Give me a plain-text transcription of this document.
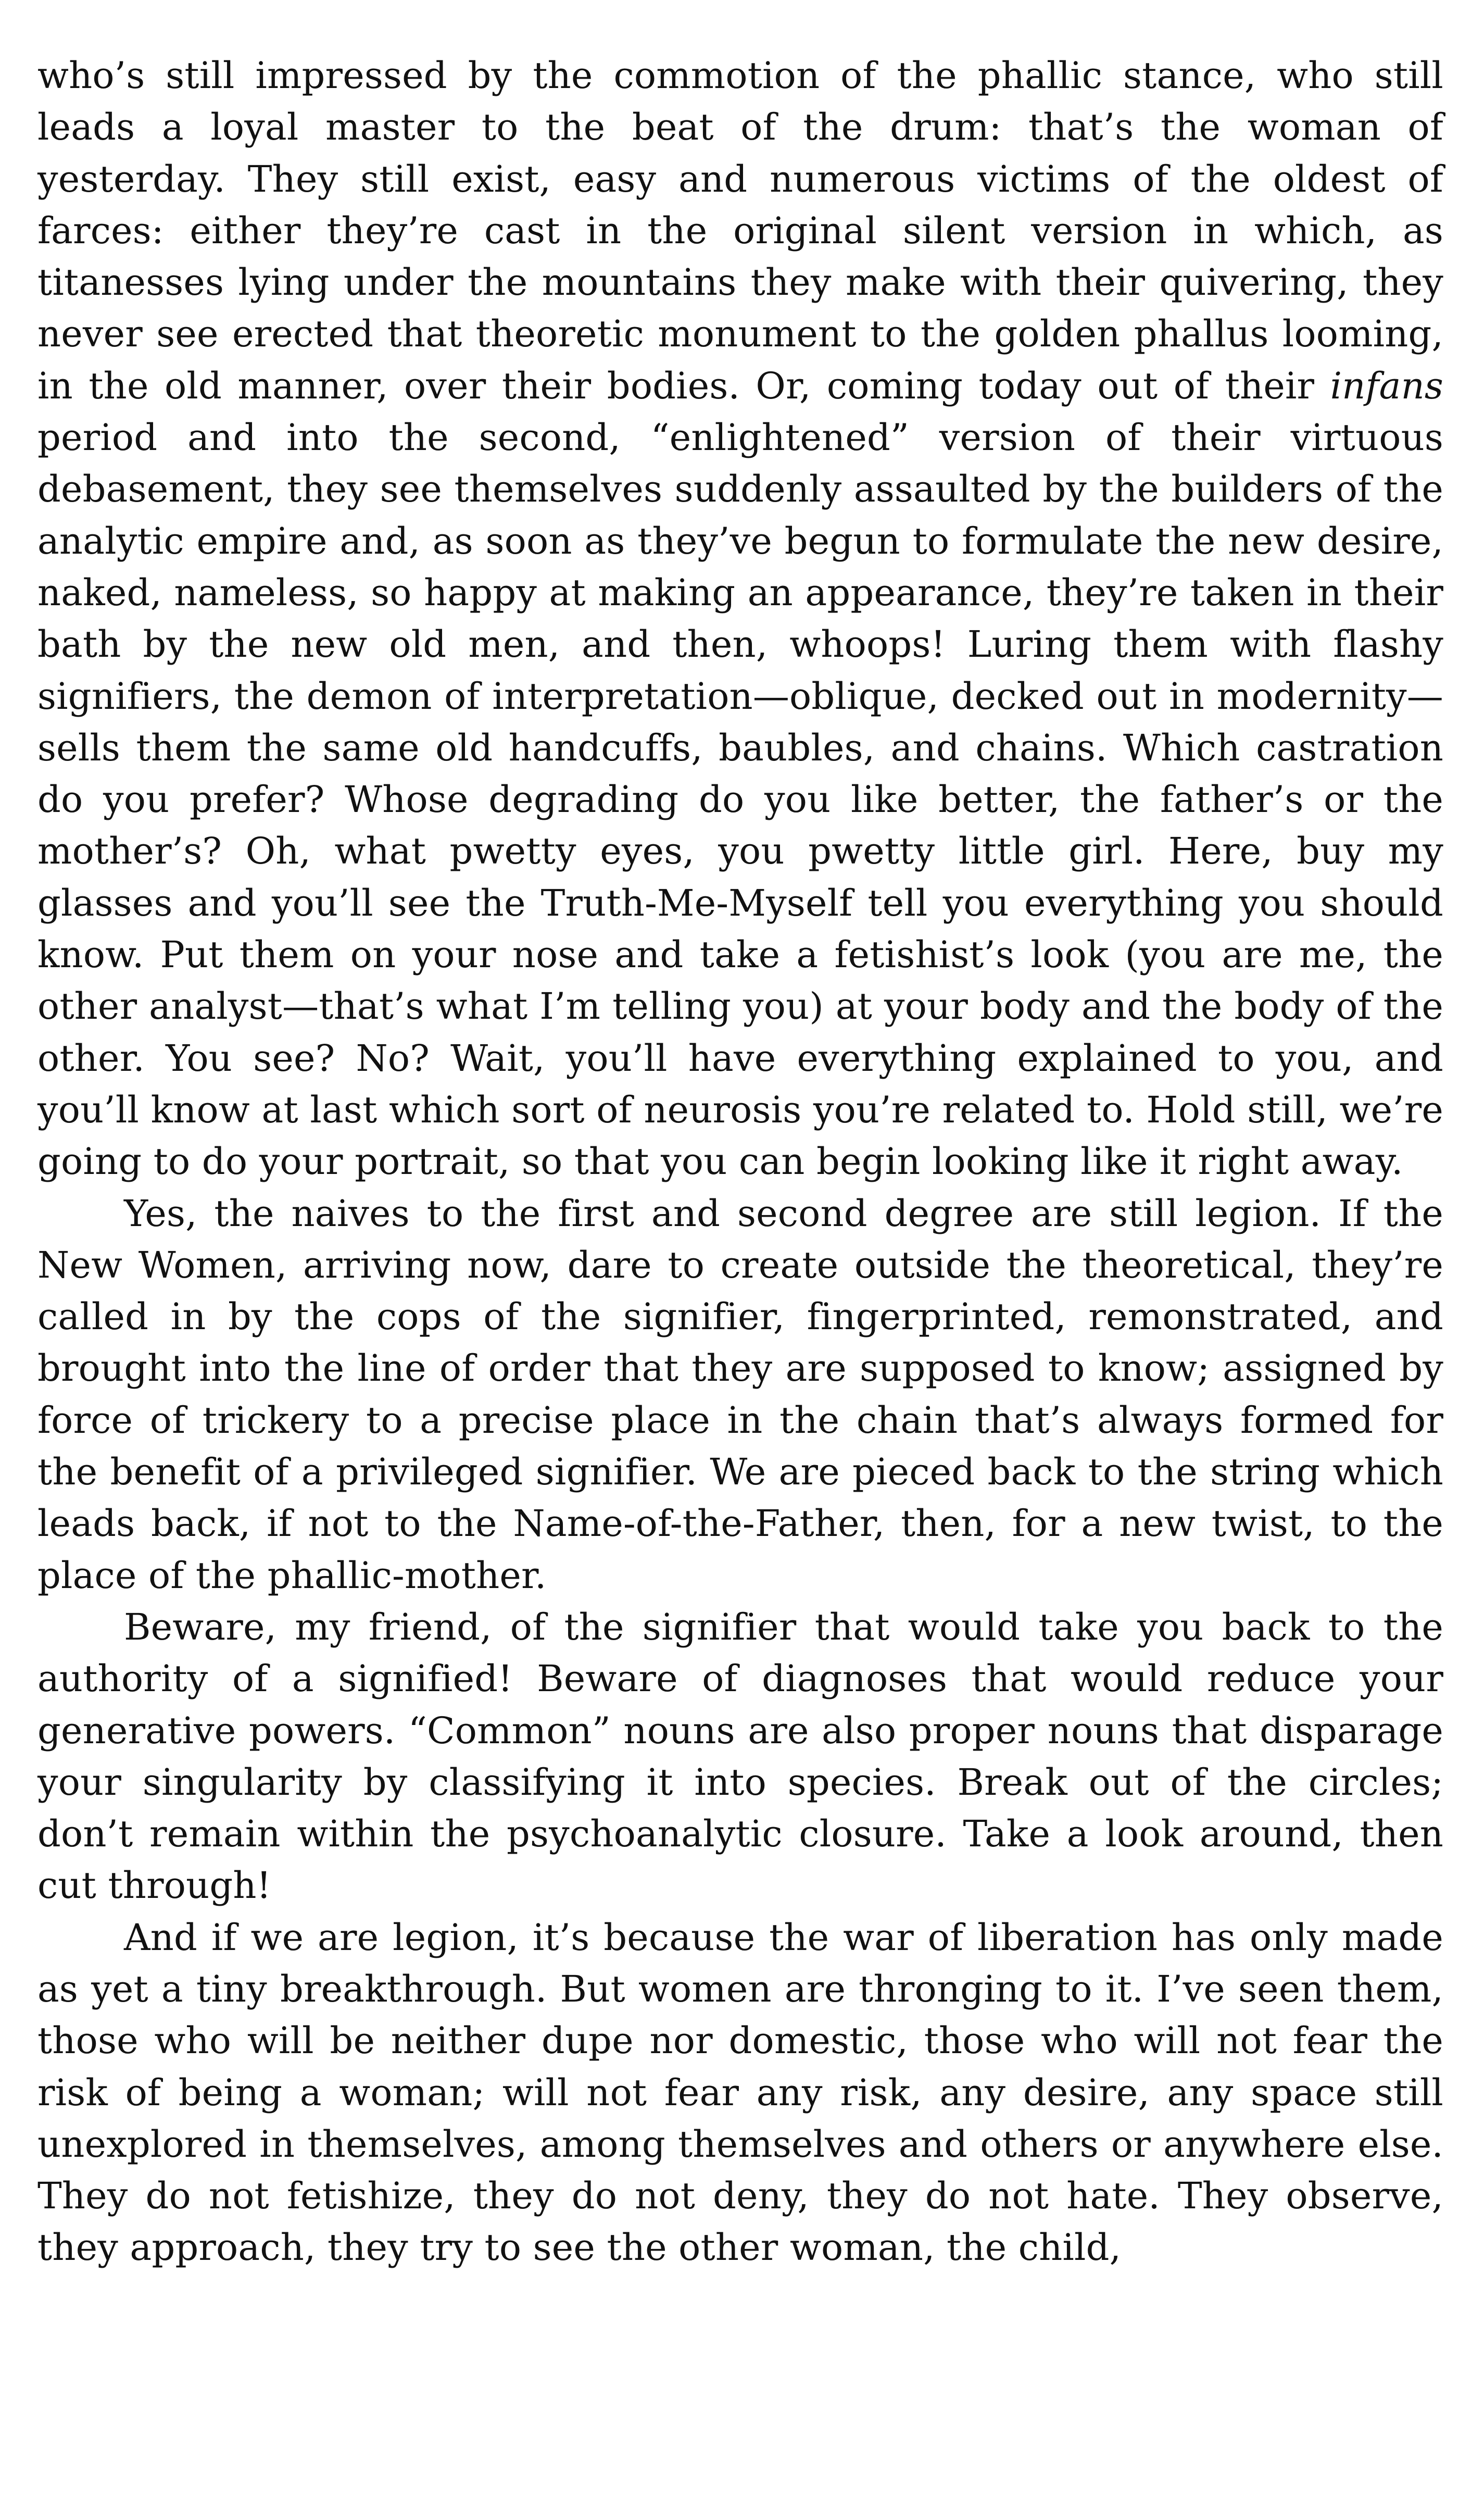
who’s still impressed by the commotion of the phallic stance, who still leads a loyal master to the beat of the drum: that’s the woman of yesterday. They still exist, easy and numerous victims of the oldest of farces: either they’re cast in the original silent version in which, as titanesses lying under the mountains they make with their quivering, they never see erected that theoretic monument to the golden phallus looming, in the old manner, over their bodies. Or, coming today out of their infans period and into the second, “enlightened” version of their virtuous debasement, they see themselves suddenly assaulted by the builders of the analytic empire and, as soon as they’ve begun to formulate the new desire, naked, nameless, so happy at making an appearance, they’re taken in their bath by the new old men, and then, whoops! Luring them with flashy signifiers, the demon of interpretation—oblique, decked out in modernity—sells them the same old handcuffs, baubles, and chains. Which castration do you prefer? Whose degrading do you like better, the father’s or the mother’s? Oh, what pwetty eyes, you pwetty little girl. Here, buy my glasses and you’ll see the Truth-Me-Myself tell you everything you should know. Put them on your nose and take a fetishist’s look (you are me, the other analyst—that’s what I’m telling you) at your body and the body of the other. You see? No? Wait, you’ll have everything explained to you, and you’ll know at last which sort of neurosis you’re related to. Hold still, we’re going to do your portrait, so that you can begin looking like it right away.

Yes, the naives to the first and second degree are still legion. If the New Women, arriving now, dare to create outside the theoretical, they’re called in by the cops of the signifier, fingerprinted, remonstrated, and brought into the line of order that they are supposed to know; assigned by force of trickery to a precise place in the chain that’s always formed for the benefit of a privileged signifier. We are pieced back to the string which leads back, if not to the Name-of-the-Father, then, for a new twist, to the place of the phallic-mother.

Beware, my friend, of the signifier that would take you back to the authority of a signified! Beware of diagnoses that would reduce your generative powers. “Common” nouns are also proper nouns that disparage your singularity by classifying it into species. Break out of the circles; don’t remain within the psychoanalytic closure. Take a look around, then cut through!

And if we are legion, it’s because the war of liberation has only made as yet a tiny breakthrough. But women are thronging to it. I’ve seen them, those who will be neither dupe nor domestic, those who will not fear the risk of being a woman; will not fear any risk, any desire, any space still unexplored in themselves, among themselves and others or anywhere else. They do not fetishize, they do not deny, they do not hate. They observe, they approach, they try to see the other woman, the child,
